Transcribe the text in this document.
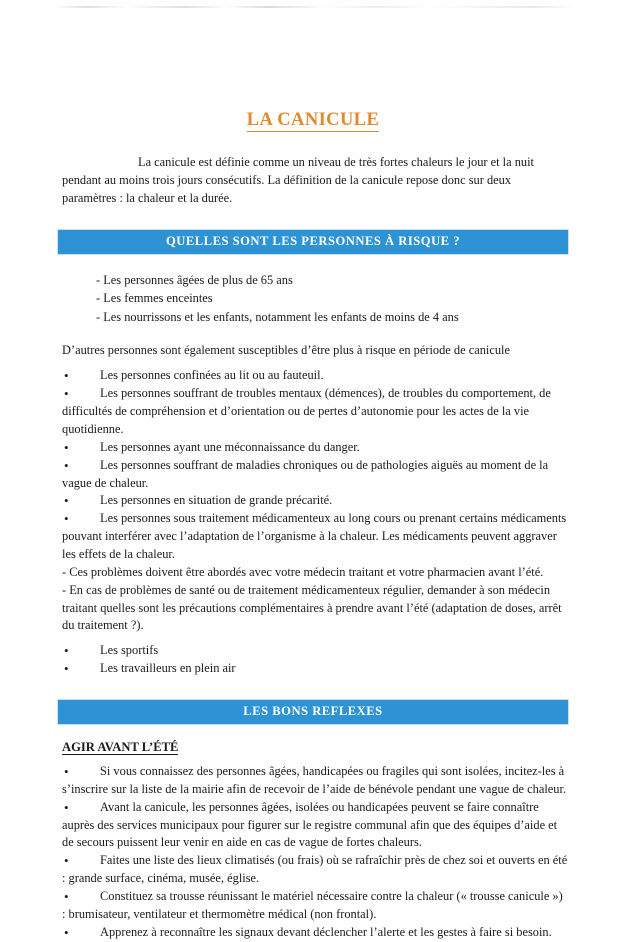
LA CANICULE

La canicule est définie comme un niveau de très fortes chaleurs le jour et la nuit pendant au moins trois jours consécutifs. La définition de la canicule repose donc sur deux paramètres : la chaleur et la durée.

QUELLES SONT LES PERSONNES À RISQUE ?
- Les personnes âgées de plus de 65 ans
- Les femmes enceintes
- Les nourrissons et les enfants, notamment les enfants de moins de 4 ans

D’autres personnes sont également susceptibles d’être plus à risque en période de canicule

• Les personnes confinées au lit ou au fauteuil.
• Les personnes souffrant de troubles mentaux (démences), de troubles du comportement, de difficultés de compréhension et d’orientation ou de pertes d’autonomie pour les actes de la vie quotidienne.
• Les personnes ayant une méconnaissance du danger.
• Les personnes souffrant de maladies chroniques ou de pathologies aiguës au moment de la vague de chaleur.
• Les personnes en situation de grande précarité.
• Les personnes sous traitement médicamenteux au long cours ou prenant certains médicaments pouvant interférer avec l’adaptation de l’organisme à la chaleur. Les médicaments peuvent aggraver les effets de la chaleur.

- Ces problèmes doivent être abordés avec votre médecin traitant et votre pharmacien avant l’été.

- En cas de problèmes de santé ou de traitement médicamenteux régulier, demander à son médecin traitant quelles sont les précautions complémentaires à prendre avant l’été (adaptation de doses, arrêt du traitement ?).

• Les sportifs
• Les travailleurs en plein air
LES BONS REFLEXES
AGIR AVANT L’ÉTÉ
• Si vous connaissez des personnes âgées, handicapées ou fragiles qui sont isolées, incitez-les à s’inscrire sur la liste de la mairie afin de recevoir de l’aide de bénévole pendant une vague de chaleur.
• Avant la canicule, les personnes âgées, isolées ou handicapées peuvent se faire connaître auprès des services municipaux pour figurer sur le registre communal afin que des équipes d’aide et de secours puissent leur venir en aide en cas de vague de fortes chaleurs.
• Faites une liste des lieux climatisés (ou frais) où se rafraîchir près de chez soi et ouverts en été : grande surface, cinéma, musée, église.
• Constituez sa trousse réunissant le matériel nécessaire contre la chaleur (« trousse canicule ») : brumisateur, ventilateur et thermomètre médical (non frontal).
• Apprenez à reconnaître les signaux devant déclencher l’alerte et les gestes à faire si besoin.
